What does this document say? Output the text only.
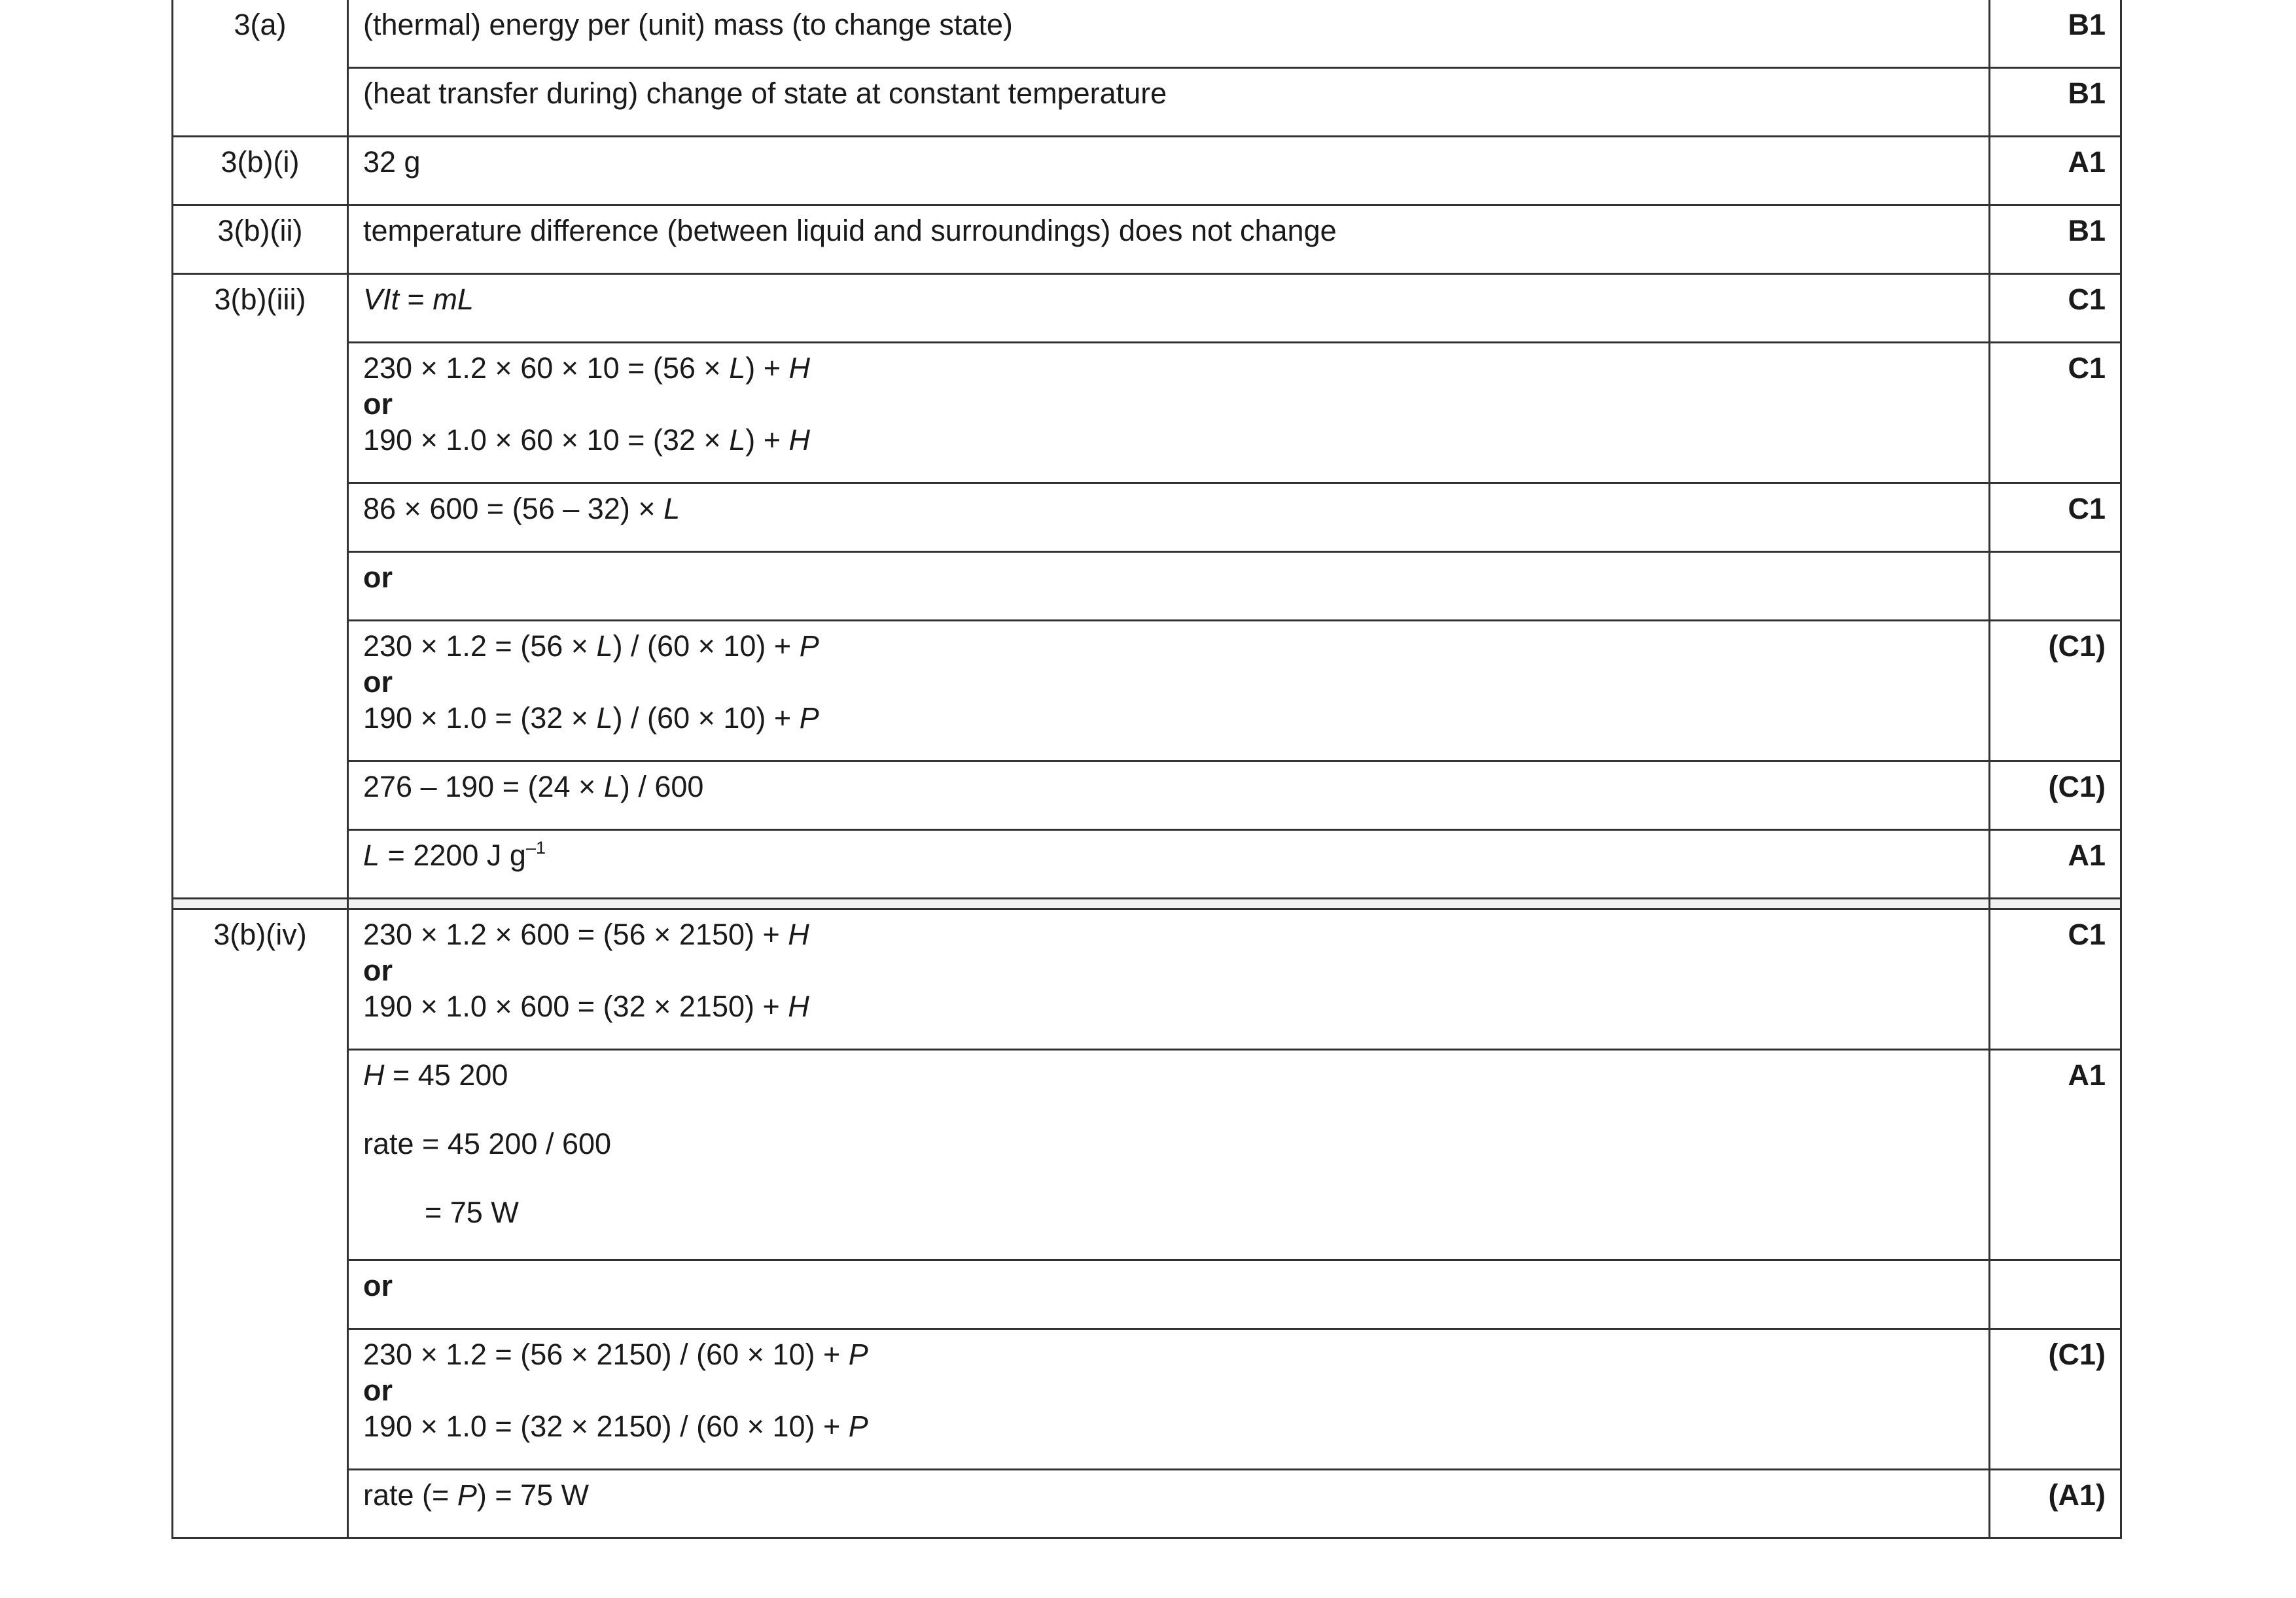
3(a)	(thermal) energy per (unit) mass (to change state)	B1
	(heat transfer during) change of state at constant temperature	B1
3(b)(i)	32 g	A1
3(b)(ii)	temperature difference (between liquid and surroundings) does not change	B1
3(b)(iii)	VIt = mL	C1

	230 × 1.2 × 60 × 10 = (56 × L) + H
or
190 × 1.0 × 60 × 10 = (32 × L) + H	C1
	86 × 600 = (56 – 32) × L	C1

	or	

	230 × 1.2 = (56 × L) / (60 × 10) + P
or
190 × 1.0 = (32 × L) / (60 × 10) + P	(C1)
	276 – 190 = (24 × L) / 600	(C1)
	L = 2200 J $g^{-1}$	A1

3(b)(iv)	230 × 1.2 × 600 = (56 × 2150) + H
or
190 × 1.0 × 600 = (32 × 2150) + H	C1

	H = 45 200
rate = 45 200 / 600
= 75 W	A1

	or	

	230 × 1.2 = (56 × 2150) / (60 × 10) + P
or
190 × 1.0 = (32 × 2150) / (60 × 10) + P	(C1)
	rate (= P) = 75 W	(A1)
